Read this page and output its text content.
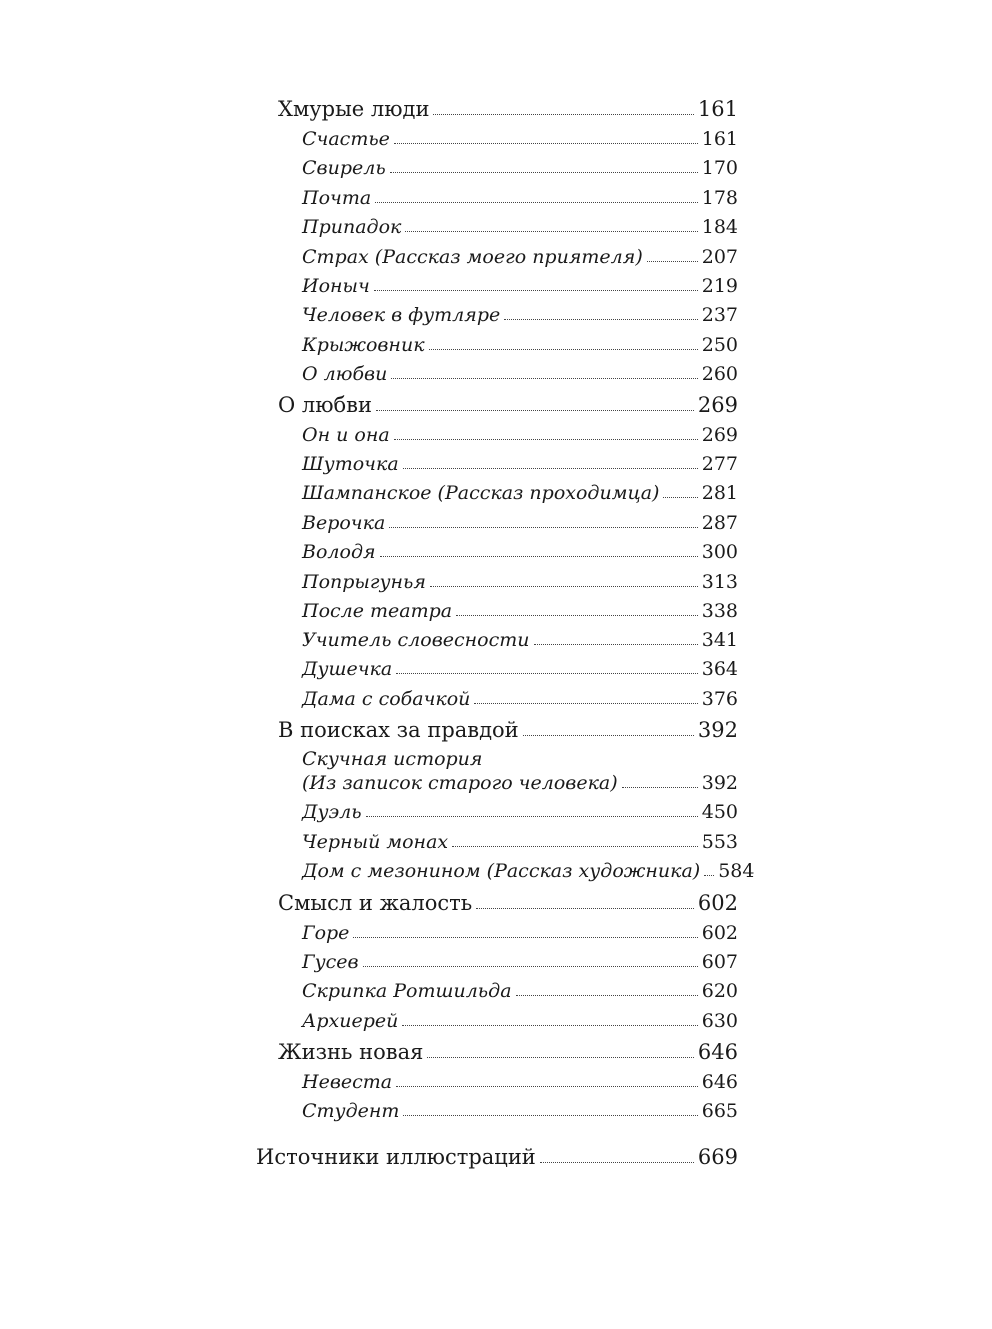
Хмурые люди	161
Счастье	161
Свирель	170
Почта	178
Припадок	184
Страх (Рассказ моего приятеля)	207
Ионыч	219
Человек в футляре	237
Крыжовник	250
О любви	260
О любви	269
Он и она	269
Шуточка	277
Шампанское (Рассказ проходимца) 281
Верочка	287
Володя	300
Попрыгунья	313
После театра	338
Учитель словесности	341
Душечка	364
Дама с собачкой	376
В поисках за правдой	392
Скучная история
(Из записок старого человека)	392
Дуэль	450
Черный монах	553
Дом с мезонином (Рассказ художника) 584
Смысл и жалость	602
Горе	602
Гусев	607
Скрипка Ротшильда	620
Архиерей	630
Жизнь новая	646
Невеста	646
Студент	665
Источники иллюстраций	669
